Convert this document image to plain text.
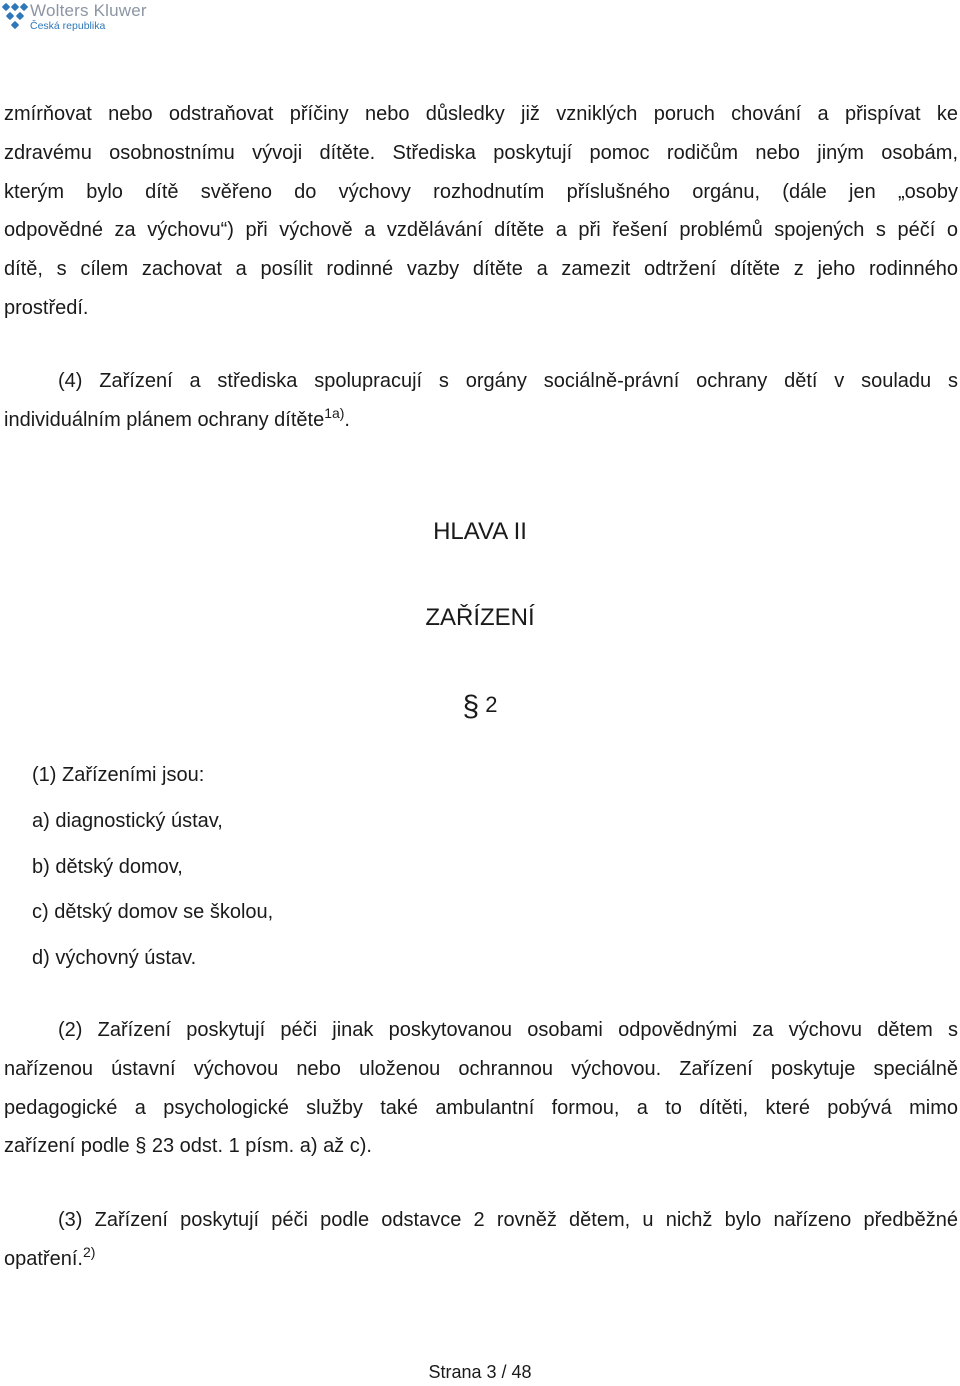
Wolters Kluwer
Česká republika
zmírňovat nebo odstraňovat příčiny nebo důsledky již vzniklých poruch chování a přispívat ke
zdravému osobnostnímu vývoji dítěte. Střediska poskytují pomoc rodičům nebo jiným osobám,
kterým bylo dítě svěřeno do výchovy rozhodnutím příslušného orgánu, (dále jen „osoby
odpovědné za výchovu“) při výchově a vzdělávání dítěte a při řešení problémů spojených s péčí o
dítě, s cílem zachovat a posílit rodinné vazby dítěte a zamezit odtržení dítěte z jeho rodinného
prostředí.
(4) Zařízení a střediska spolupracují s orgány sociálně-právní ochrany dětí v souladu s
individuálním plánem ochrany dítěte$^{1a)}$.
HLAVA II
ZAŘÍZENÍ
§ 2
(1) Zařízeními jsou:
a) diagnostický ústav,
b) dětský domov,
c) dětský domov se školou,
d) výchovný ústav.
(2) Zařízení poskytují péči jinak poskytovanou osobami odpovědnými za výchovu dětem s
nařízenou ústavní výchovou nebo uloženou ochrannou výchovou. Zařízení poskytuje speciálně
pedagogické a psychologické služby také ambulantní formou, a to dítěti, které pobývá mimo
zařízení podle § 23 odst. 1 písm. a) až c).
(3) Zařízení poskytují péči podle odstavce 2 rovněž dětem, u nichž bylo nařízeno předběžné
opatření.$^{2)}$
Strana 3 / 48
